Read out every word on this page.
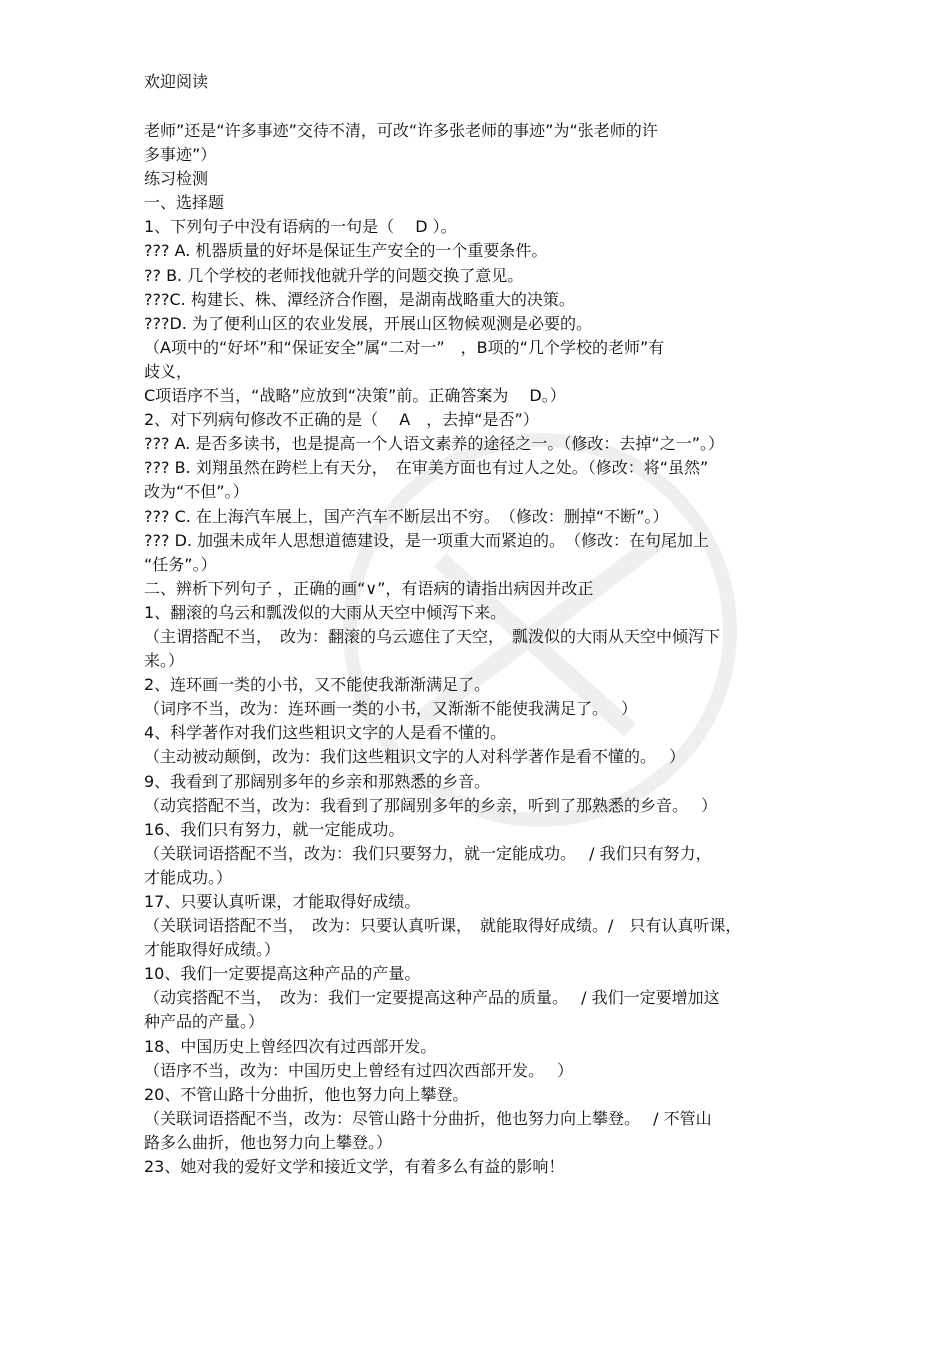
欢迎阅读
老师”还是“许多事迹”交待不清，可改“许多张老师的事迹”为“张老师的许
多事迹”）
练习检测
一、选择题
1、下列句子中没有语病的一句是（　 D ）。
??? A. 机器质量的好坏是保证生产安全的一个重要条件。
?? B. 几个学校的老师找他就升学的问题交换了意见。
???C. 构建长、株、潭经济合作圈，是湖南战略重大的决策。
???D. 为了便利山区的农业发展，开展山区物候观测是必要的。
（A项中的“好坏”和“保证安全”属“二对一”　，B项的“几个学校的老师”有
歧义，
C项语序不当，“战略”应放到“决策”前。正确答案为　 D。）
2、对下列病句修改不正确的是（　 A　，去掉“是否”）
??? A. 是否多读书，也是提高一个人语文素养的途径之一。（修改：去掉“之一”。）
??? B. 刘翔虽然在跨栏上有天分，　在审美方面也有过人之处。（修改：将“虽然”
改为“不但”。）
??? C. 在上海汽车展上，国产汽车不断层出不穷。　（修改：删掉“不断”。）
??? D. 加强未成年人思想道德建设，是一项重大而紧迫的。　（修改：在句尾加上
“任务”。）
二、辨析下列句子 ，正确的画“∨”，有语病的请指出病因并改正
1、翻滚的乌云和瓢泼似的大雨从天空中倾泻下来。
（主谓搭配不当，　改为：翻滚的乌云遮住了天空，　瓢泼似的大雨从天空中倾泻下
来。）
2、连环画一类的小书，又不能使我渐渐满足了。
（词序不当，改为：连环画一类的小书，又渐渐不能使我满足了。　 ）
4、科学著作对我们这些粗识文字的人是看不懂的。
（主动被动颠倒，改为：我们这些粗识文字的人对科学著作是看不懂的。　 ）
9、我看到了那阔别多年的乡亲和那熟悉的乡音。
（动宾搭配不当，改为：我看到了那阔别多年的乡亲，听到了那熟悉的乡音。　 ）
16、我们只有努力，就一定能成功。
（关联词语搭配不当，改为：我们只要努力，就一定能成功。　 / 我们只有努力，
才能成功。）
17、只要认真听课，才能取得好成绩。
（关联词语搭配不当，　改为：只要认真听课，　就能取得好成绩。/　只有认真听课，
才能取得好成绩。）
10、我们一定要提高这种产品的产量。
（动宾搭配不当，　改为：我们一定要提高这种产品的质量。　 / 我们一定要增加这
种产品的产量。）
18、中国历史上曾经四次有过西部开发。
（语序不当，改为：中国历史上曾经有过四次西部开发。　 ）
20、不管山路十分曲折，他也努力向上攀登。
（关联词语搭配不当，改为：尽管山路十分曲折，他也努力向上攀登。　 / 不管山
路多么曲折，他也努力向上攀登。）
23、她对我的爱好文学和接近文学，有着多么有益的影响！
